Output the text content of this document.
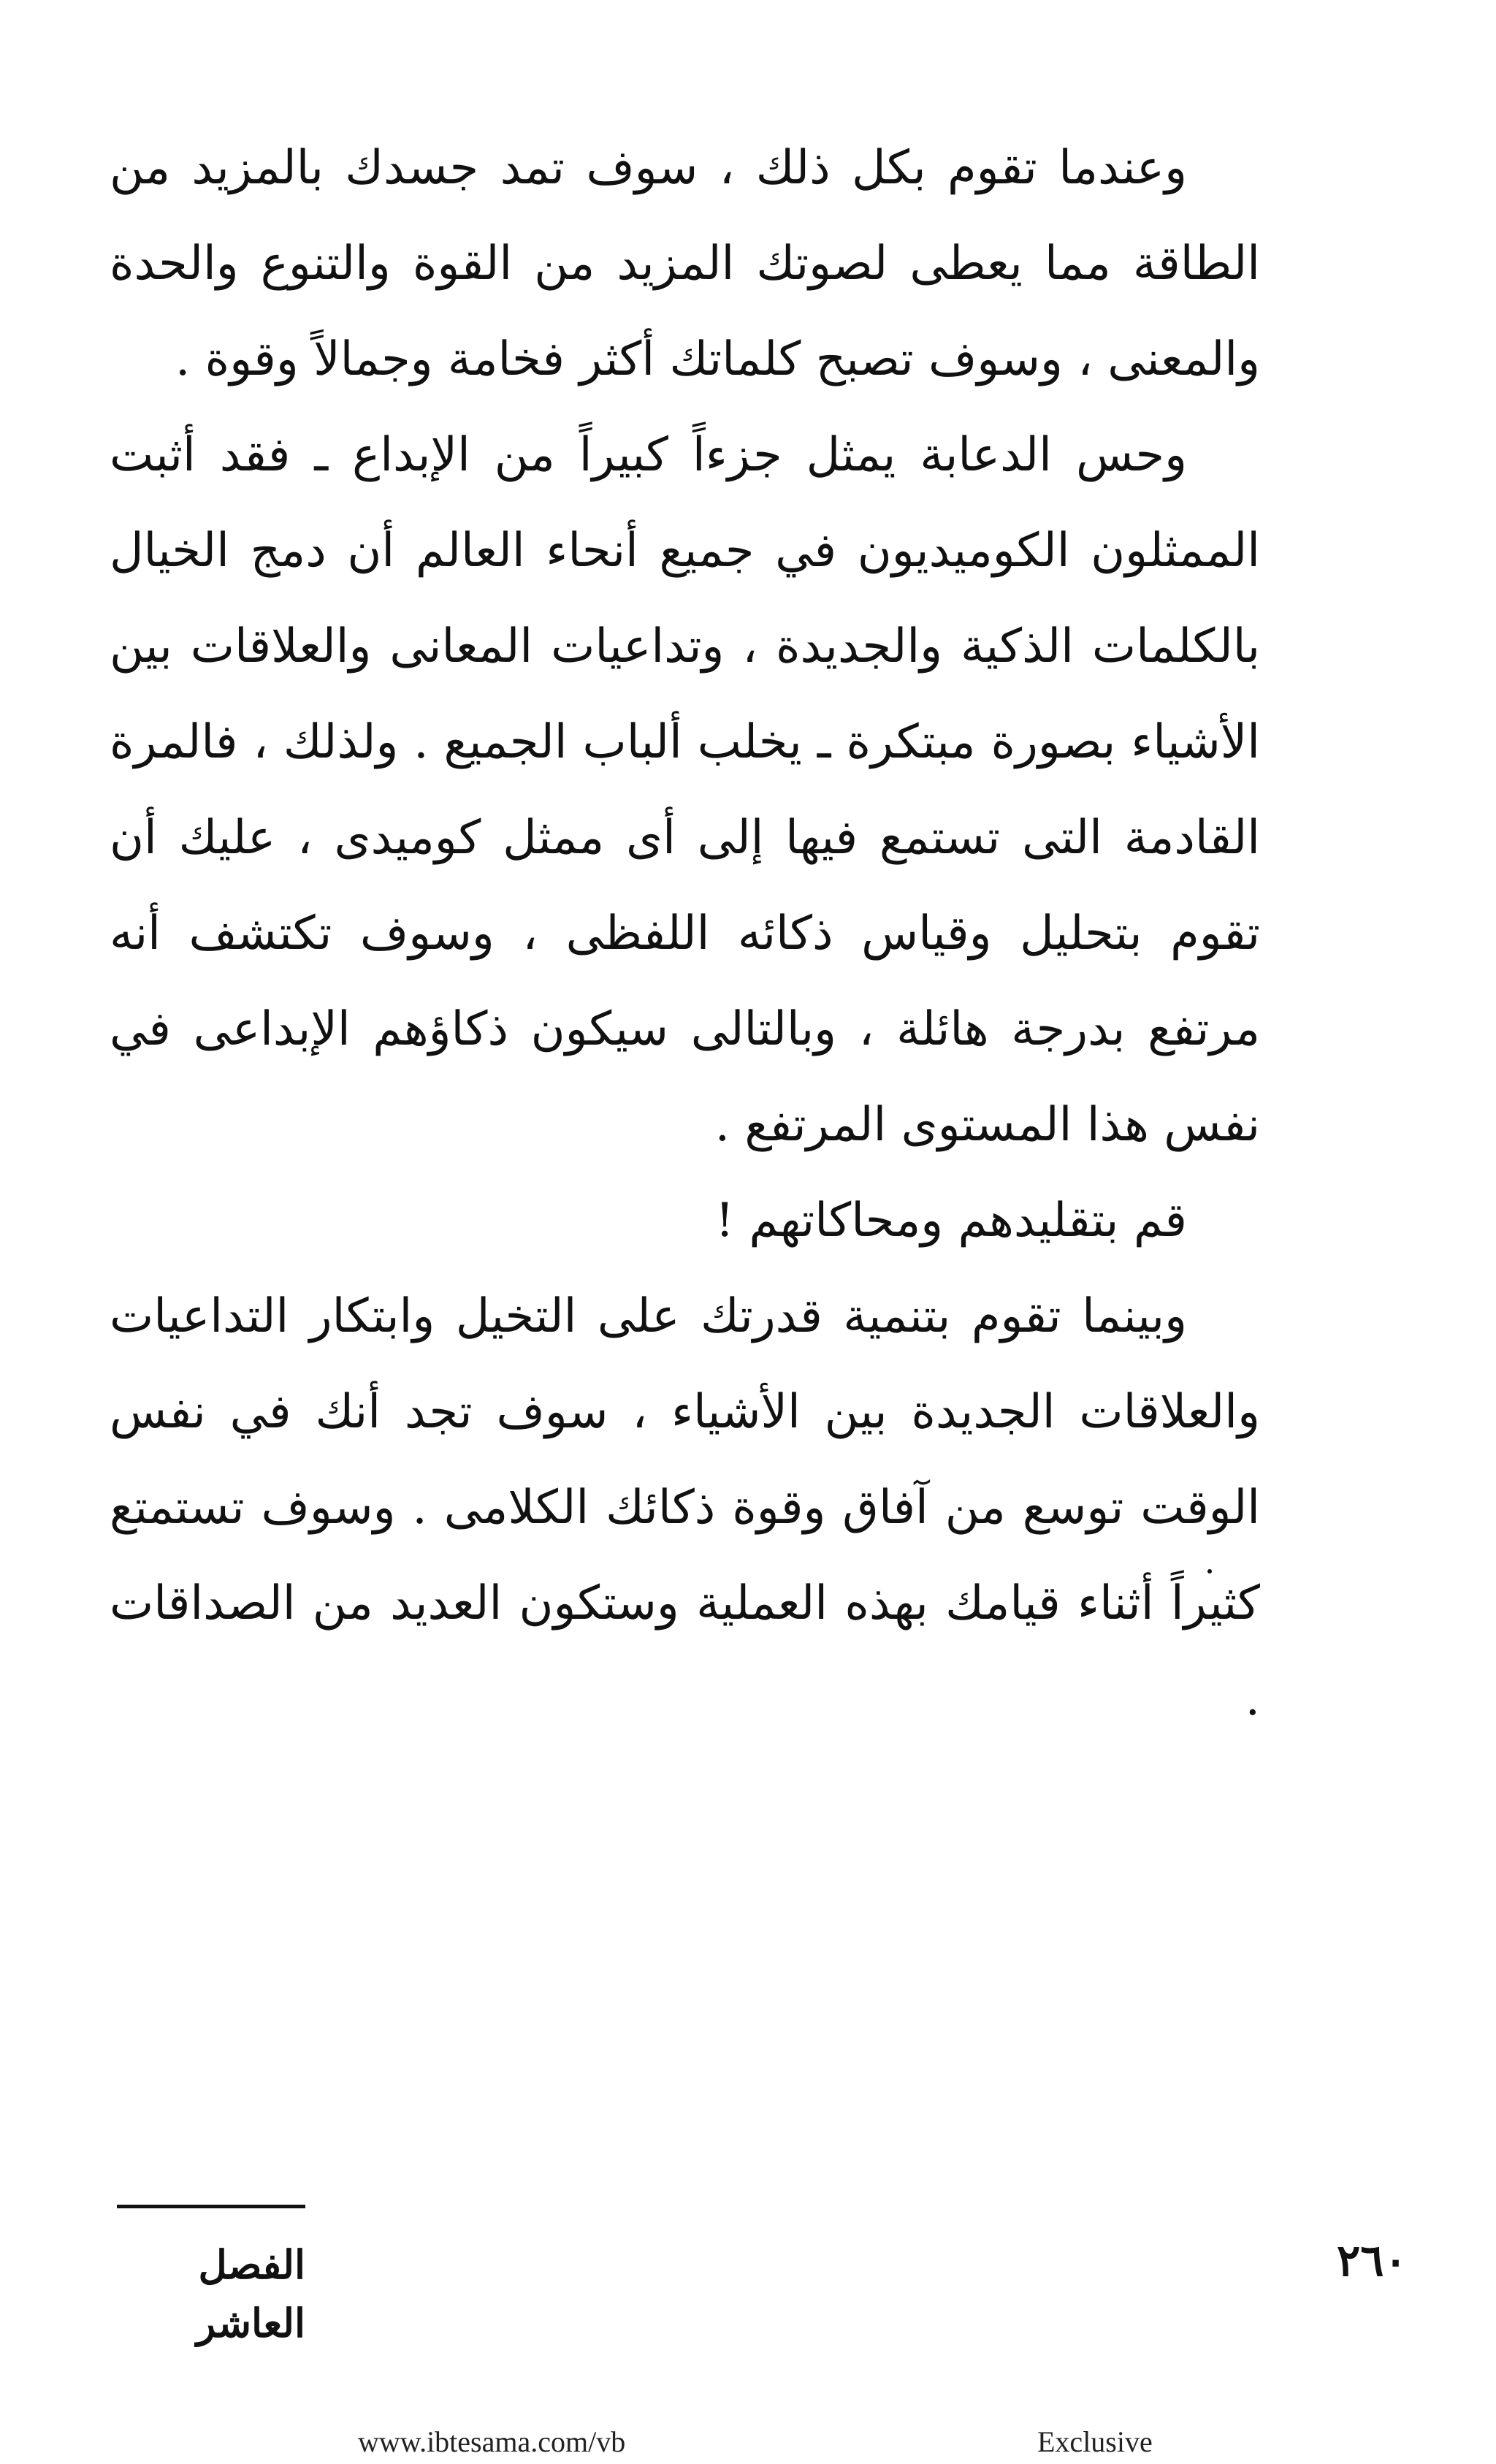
وعندما تقوم بكل ذلك ، سوف تمد جسدك بالمزيد من الطاقة مما يعطى لصوتك المزيد من القوة والتنوع والحدة والمعنى ، وسوف تصبح كلماتك أكثر فخامة وجمالاً وقوة .

وحس الدعابة يمثل جزءاً كبيراً من الإبداع ـ فقد أثبت الممثلون الكوميديون في جميع أنحاء العالم أن دمج الخيال بالكلمات الذكية والجديدة ، وتداعيات المعانى والعلاقات بين الأشياء بصورة مبتكرة ـ يخلب ألباب الجميع . ولذلك ، فالمرة القادمة التى تستمع فيها إلى أى ممثل كوميدى ، عليك أن تقوم بتحليل وقياس ذكائه اللفظى ، وسوف تكتشف أنه مرتفع بدرجة هائلة ، وبالتالى سيكون ذكاؤهم الإبداعى في نفس هذا المستوى المرتفع .

قم بتقليدهم ومحاكاتهم !

وبينما تقوم بتنمية قدرتك على التخيل وابتكار التداعيات والعلاقات الجديدة بين الأشياء ، سوف تجد أنك في نفس الوقت توسع من آفاق وقوة ذكائك الكلامى . وسوف تستمتع كثيراً أثناء قيامك بهذه العملية وستكون العديد من الصداقات .

الفصل العاشر
٢٦٠
www.ibtesama.com/vb	Exclusive
